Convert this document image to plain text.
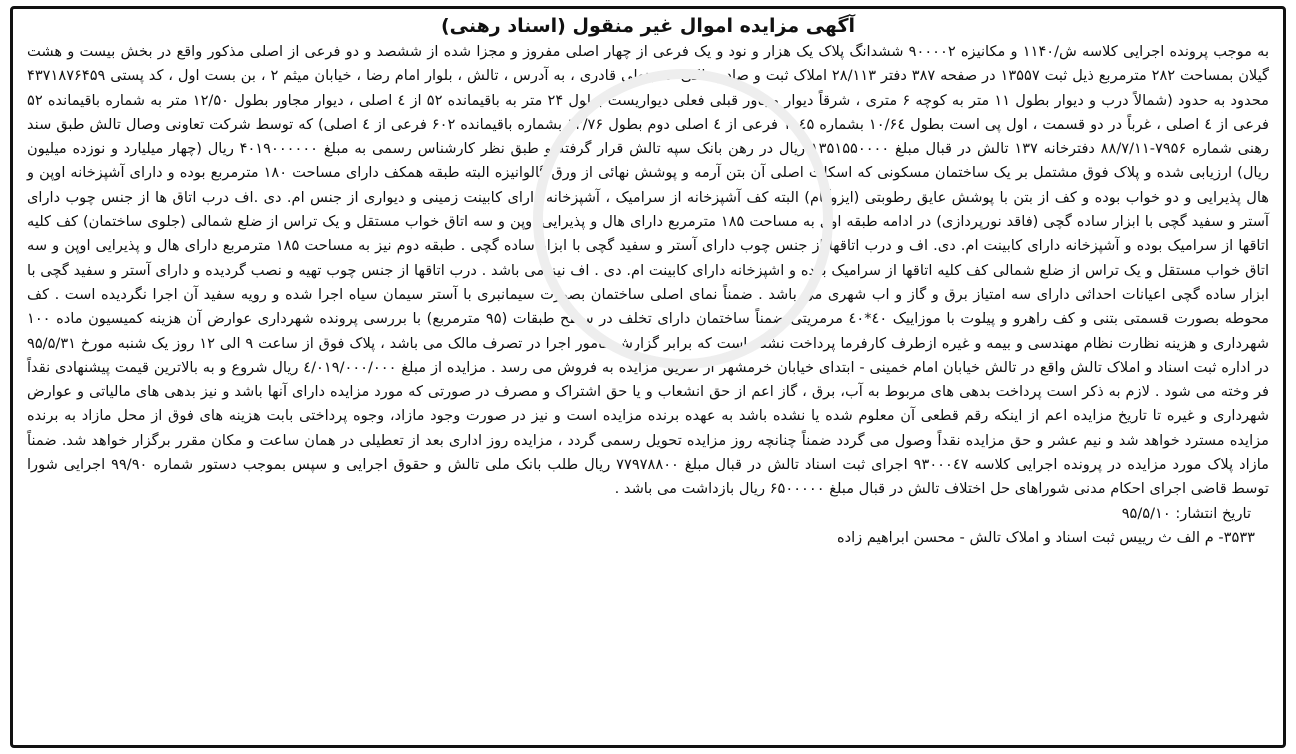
آگهی مزایده اموال غیر منقول (اسناد رهنی)

به موجب پرونده اجرایی کلاسه ش/۱۱۴۰ و مکانیزه ۹۰۰۰۰۲ ششدانگ پلاک یک هزار و نود و یک فرعی از چهار اصلی مفروز و مجزا شده از ششصد و دو فرعی از اصلی مذکور واقع در بخش بیست و هشت گیلان بمساحت ۲۸۲ مترمربع ذیل ثبت ۱۳۵۵۷ در صفحه ۳۸۷ دفتر ۲۸/۱۱۳ املاک ثبت و صادر ملکی حسینعلی قادری ، به آدرس ، تالش ، بلوار امام رضا ، خیابان میثم ۲ ، بن بست اول ، کد پستی ۴۳۷۱۸۷۶۴۵۹ محدود به حدود (شمالاً درب و دیوار بطول ۱۱ متر به کوچه ۶ متری ، شرقاً دیوار مجاور قبلی فعلی دیواریست بطول ۲۴ متر به باقیمانده ۵۲ از ٤ اصلی ، دیوار مجاور بطول ۱۲/۵۰ متر به شماره باقیمانده ۵۲ فرعی از ٤ اصلی ، غرباً در دو قسمت ، اول پی است بطول ۱۰/۶٤ بشماره ۱۱٤۵ فرعی از ٤ اصلی دوم بطول ۱۳/۷۶ بشماره باقیمانده ۶۰۲ فرعی از ٤ اصلی) که توسط شرکت تعاونی وصال تالش طبق سند رهنی شماره ۷۹۵۶-۸۸/۷/۱۱ دفترخانه ۱۳۷ تالش در قبال مبلغ ۱۳۵۱۵۵۰۰۰۰ ریال در رهن بانک سپه تالش قرار گرفته و طبق نظر کارشناس رسمی به مبلغ ۴۰۱۹۰۰۰۰۰۰ ریال (چهار میلیارد و نوزده میلیون ریال) ارزیابی شده و پلاک فوق مشتمل بر یک ساختمان مسکونی که اسکلت اصلی آن بتن آرمه و پوشش نهائی از ورق گالوانیزه البته طبقه همکف دارای مساحت ۱۸۰ مترمربع بوده و دارای آشپزخانه اوپن و هال پذیرایی و دو خواب بوده و کف از بتن با پوشش عایق رطوبتی (ایزوگام) البته کف آشپزخانه از سرامیک ، آشپزخانه دارای کابینت زمینی و دیواری از جنس ام. دی .اف درب اتاق ها از جنس چوب دارای آستر و سفید گچی با ابزار ساده گچی (فاقد نورپردازی) در ادامه طبقه اول به مساحت ۱۸۵ مترمربع دارای هال و پذیرایی اوپن و سه اتاق خواب مستقل و یک تراس از ضلع شمالی (جلوی ساختمان) کف کلیه اتاقها از سرامیک بوده و آشپزخانه دارای کابینت ام. دی. اف و درب اتاقها از جنس چوب دارای آستر و سفید گچی با ابزار ساده گچی . طبقه دوم نیز به مساحت ۱۸۵ مترمربع دارای هال و پذیرایی اوپن و سه اتاق خواب مستقل و یک تراس از ضلع شمالی کف کلیه اتاقها از سرامیک بوده و اشپزخانه دارای کابینت ام. دی . اف نیز می باشد . درب اتاقها از جنس چوب تهیه و نصب گردیده و دارای آستر و سفید گچی با ابزار ساده گچی اعیانات احداثی دارای سه امتیاز برق و گاز و اب شهری می باشد . ضمناً نمای اصلی ساختمان بصورت سیمانبری با آستر سیمان سیاه اجرا شده و رویه سفید آن اجرا نگردیده است . کف محوطه بصورت قسمتی بتنی و کف راهرو و پیلوت با موزاییک ٤۰*٤۰ مرمریتی ضمناً ساختمان دارای تخلف در سطح طبقات (۹۵ مترمربع) با بررسی پرونده شهرداری عوارض آن هزینه کمیسیون ماده ۱۰۰ شهرداری و هزینه نظارت نظام مهندسی و بیمه و غیره ازطرف کارفرما پرداخت نشده است که برابر گزارش مامور اجرا در تصرف مالک می باشد ، پلاک فوق از ساعت ۹ الی ۱۲ روز یک شنبه مورخ ۹۵/۵/۳۱ در اداره ثبت اسناد و املاک تالش واقع در تالش خیابان امام خمینی - ابتدای خیابان خرمشهر از طریق مزایده به فروش می رسد . مزایده از مبلغ ٤/۰۱۹/۰۰۰/۰۰۰ ریال شروع و به بالاترین قیمت پیشنهادی نقداً فر وخته می شود . لازم به ذکر است پرداخت بدهی های مربوط به آب، برق ، گاز اعم از حق انشعاب و یا حق اشتراک و مصرف در صورتی که مورد مزایده دارای آنها باشد و نیز بدهی های مالیاتی و عوارض شهرداری و غیره تا تاریخ مزایده اعم از اینکه رقم قطعی آن معلوم شده یا نشده باشد به عهده برنده مزایده است و نیز در صورت وجود مازاد، وجوه پرداختی بابت هزینه های فوق از محل مازاد به برنده مزایده مسترد خواهد شد و نیم عشر و حق مزایده نقداً وصول می گردد ضمناً چنانچه روز مزایده تحویل رسمی گردد ، مزایده روز اداری بعد از تعطیلی در همان ساعت و مکان مقرر برگزار خواهد شد. ضمناً مازاد پلاک مورد مزایده در پرونده اجرایی کلاسه ۹۳۰۰۰٤۷ اجرای ثبت اسناد تالش در قبال مبلغ ۷۷۹۷۸۸۰۰ ریال طلب بانک ملی تالش و حقوق اجرایی و سپس بموجب دستور شماره ۹۹/۹۰ اجرایی شورا توسط قاضی اجرای احکام مدنی شوراهای حل اختلاف تالش در قبال مبلغ ۶۵۰۰۰۰۰ ریال بازداشت می باشد .

تاریخ انتشار: ۹۵/۵/۱۰

۳۵۳۳- م الف ث رییس ثبت اسناد و املاک تالش - محسن ابراهیم زاده
